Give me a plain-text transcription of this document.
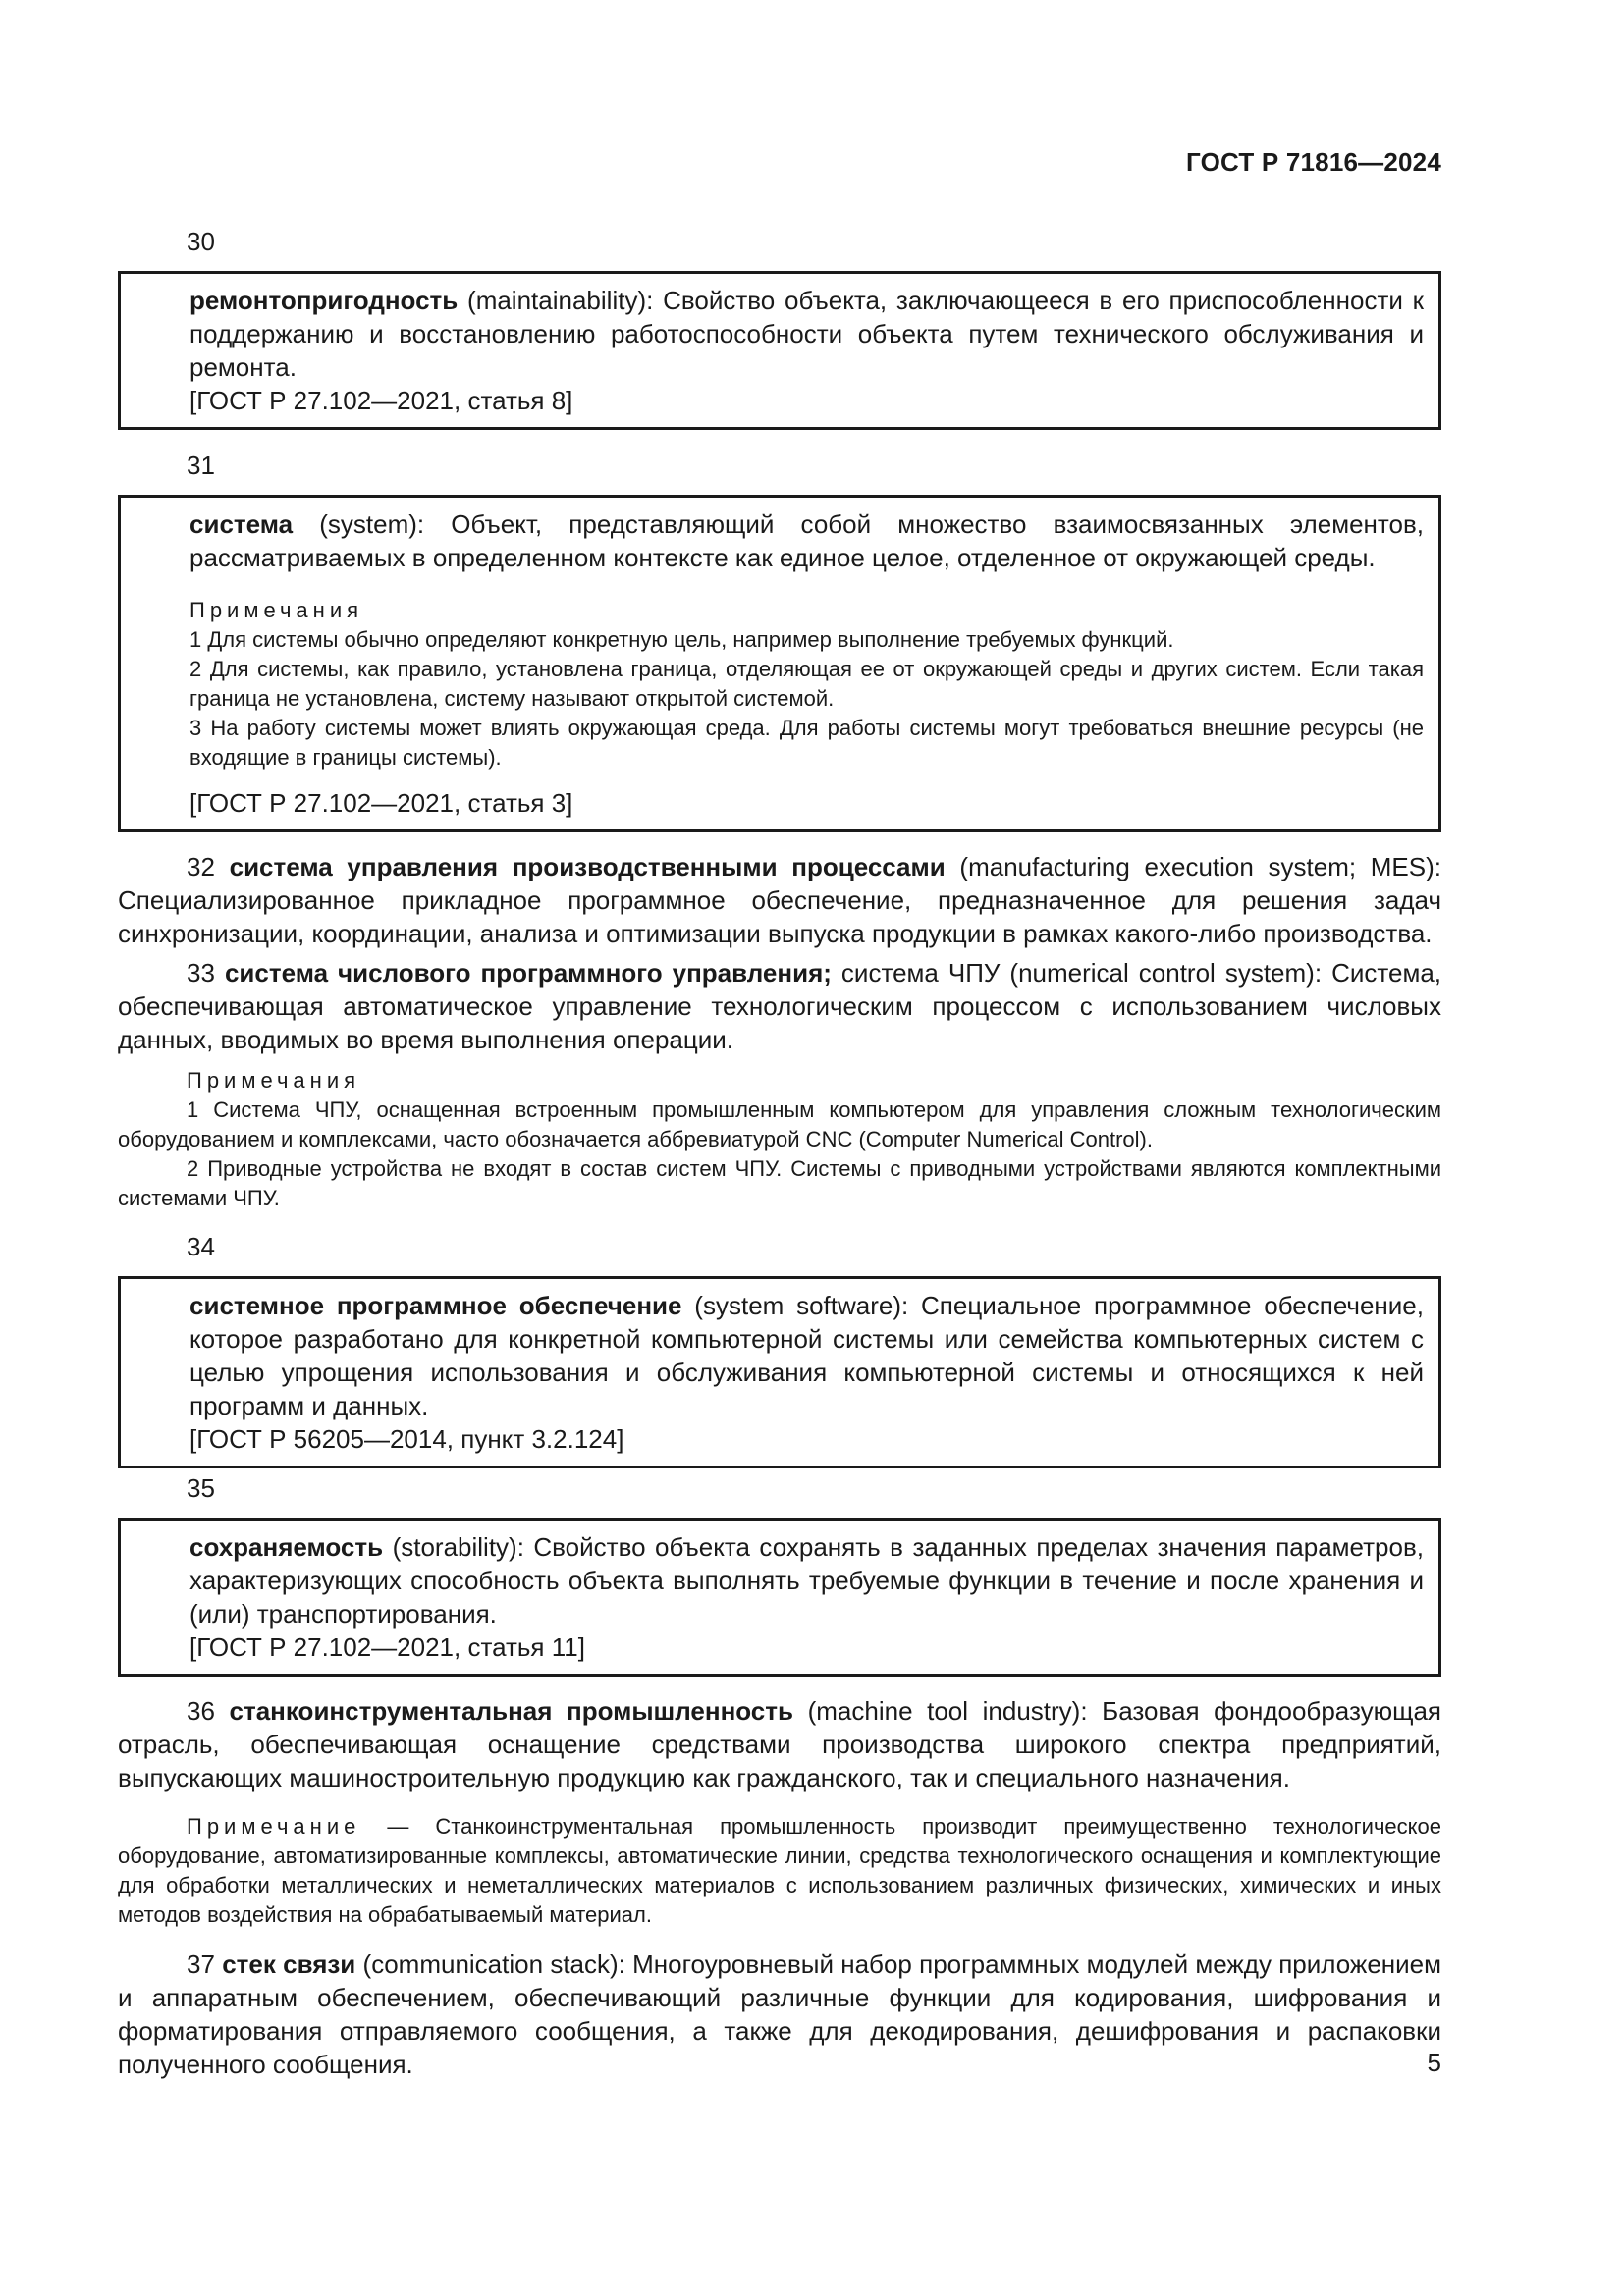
ГОСТ Р 71816—2024

30

ремонтопригодность (maintainability): Свойство объекта, заключающееся в его приспособленности к поддержанию и восстановлению работоспособности объекта путем технического обслуживания и ремонта.

[ГОСТ Р 27.102—2021, статья 8]

31

система (system): Объект, представляющий собой множество взаимосвязанных элементов, рассматриваемых в определенном контексте как единое целое, отделенное от окружающей среды.

Примечания

1 Для системы обычно определяют конкретную цель, например выполнение требуемых функций.

2 Для системы, как правило, установлена граница, отделяющая ее от окружающей среды и других систем. Если такая граница не установлена, систему называют открытой системой.

3 На работу системы может влиять окружающая среда. Для работы системы могут требоваться внешние ресурсы (не входящие в границы системы).

[ГОСТ Р 27.102—2021, статья 3]

32 система управления производственными процессами (manufacturing execution system; MES): Специализированное прикладное программное обеспечение, предназначенное для решения задач синхронизации, координации, анализа и оптимизации выпуска продукции в рамках какого-либо производства.

33 система числового программного управления; система ЧПУ (numerical control system): Система, обеспечивающая автоматическое управление технологическим процессом с использованием числовых данных, вводимых во время выполнения операции.

Примечания

1 Система ЧПУ, оснащенная встроенным промышленным компьютером для управления сложным технологическим оборудованием и комплексами, часто обозначается аббревиатурой CNC (Computer Numerical Control).

2 Приводные устройства не входят в состав систем ЧПУ. Системы с приводными устройствами являются комплектными системами ЧПУ.

34

системное программное обеспечение (system software): Специальное программное обеспечение, которое разработано для конкретной компьютерной системы или семейства компьютерных систем с целью упрощения использования и обслуживания компьютерной системы и относящихся к ней программ и данных.

[ГОСТ Р 56205—2014, пункт 3.2.124]

35

сохраняемость (storability): Свойство объекта сохранять в заданных пределах значения параметров, характеризующих способность объекта выполнять требуемые функции в течение и после хранения и (или) транспортирования.

[ГОСТ Р 27.102—2021, статья 11]

36 станкоинструментальная промышленность (machine tool industry): Базовая фондообразующая отрасль, обеспечивающая оснащение средствами производства широкого спектра предприятий, выпускающих машиностроительную продукцию как гражданского, так и специального назначения.

Примечание — Станкоинструментальная промышленность производит преимущественно технологическое оборудование, автоматизированные комплексы, автоматические линии, средства технологического оснащения и комплектующие для обработки металлических и неметаллических материалов с использованием различных физических, химических и иных методов воздействия на обрабатываемый материал.

37 стек связи (communication stack): Многоуровневый набор программных модулей между приложением и аппаратным обеспечением, обеспечивающий различные функции для кодирования, шифрования и форматирования отправляемого сообщения, а также для декодирования, дешифрования и распаковки полученного сообщения.	5
